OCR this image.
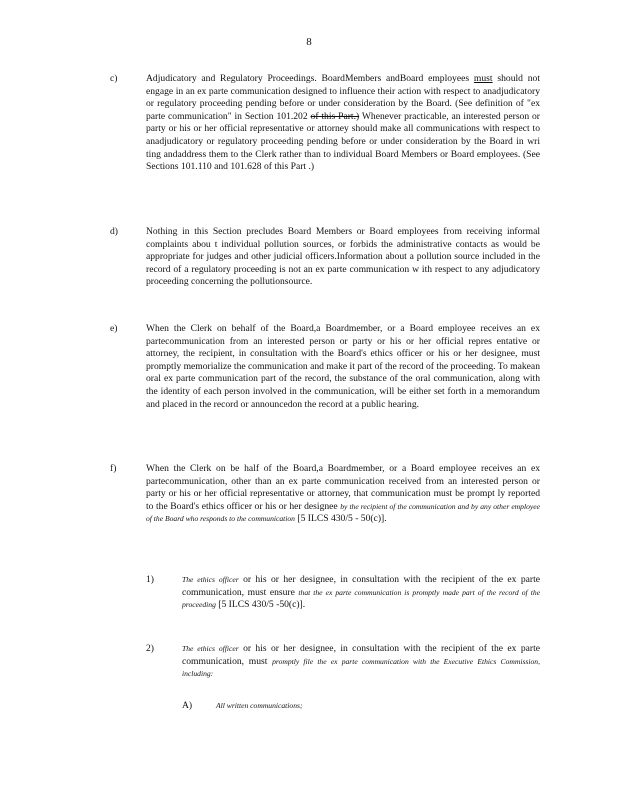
8
c)	Adjudicatory and Regulatory Proceedings. BoardMembers andBoard employees must should not engage in an ex parte communication designed to influence their action with respect to anadjudicatory or regulatory proceeding pending before or under consideration by the Board. (See definition of "ex parte communication" in Section 101.202 of this Part.) Whenever practicable, an interested person or party or his or her official representative or attorney should make all communications with respect to anadjudicatory or regulatory proceeding pending before or under consideration by the Board in wri ting andaddress them to the Clerk rather than to individual Board Members or Board employees. (See Sections 101.110 and 101.628 of this Part .)
d)	Nothing in this Section precludes Board Members or Board employees from receiving informal complaints abou t individual pollution sources, or forbids the administrative contacts as would be appropriate for judges and other judicial officers.Information about a pollution source included in the record of a regulatory proceeding is not an ex parte communication w ith respect to any adjudicatory proceeding concerning the pollutionsource.
e)	When the Clerk on behalf of the Board,a Boardmember, or a Board employee receives an ex partecommunication from an interested person or party or his or her official repres entative or attorney, the recipient, in consultation with the Board's ethics officer or his or her designee, must promptly memorialize the communication and make it part of the record of the proceeding. To makean oral ex parte communication part of the record, the substance of the oral communication, along with the identity of each person involved in the communication, will be either set forth in a memorandum and placed in the record or announcedon the record at a public hearing.
f)	When the Clerk on be half of the Board,a Boardmember, or a Board employee receives an ex partecommunication, other than an ex parte communication received from an interested person or party or his or her official representative or attorney, that communication must be prompt ly reported to the Board's ethics officer or his or her designee by the recipient of the communication and by any other employee of the Board who responds to the communication [5 ILCS 430/5 - 50(c)].
1)	The ethics officer or his or her designee, in consultation with the recipient of the ex parte communication, must ensure that the ex parte communication is promptly made part of the record of the proceeding [5 ILCS 430/5 -50(c)].
2)	The ethics officer or his or her designee, in consultation with the recipient of the ex parte communication, must promptly file the ex parte communication with the Executive Ethics Commission, including:
A)	All written communications;
